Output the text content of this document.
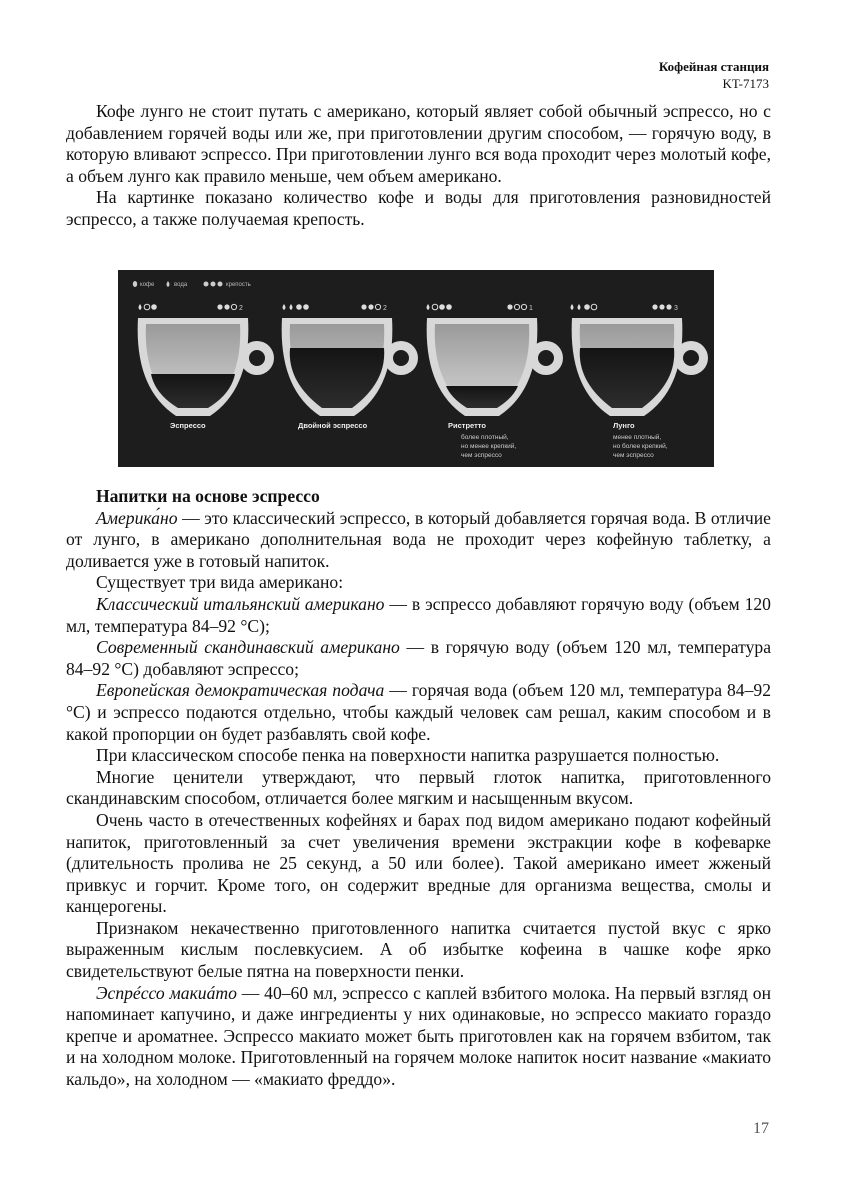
Кофейная станция
KT-7173

Кофе лунго не стоит путать с американо, который являет собой обычный эспрессо, но с добавлением горячей воды или же, при приготовлении другим способом, — горячую воду, в которую вливают эспрессо. При приготовлении лунго вся вода проходит через молотый кофе, а объем лунго как правило меньше, чем объем американо.

На картинке показано количество кофе и воды для приготовления разновидностей эспрессо, а также получаемая крепость.

кофе	вода	крепость
2
Эспрессо
2
Двойной эспрессо
1
Ристретто
более плотный, но менее крепкий, чем эспрессо
3
Лунго
менее плотный, но более крепкий, чем эспрессо
Напитки на основе эспрессо

Америка́но — это классический эспрессо, в который добавляется горячая вода. В отличие от лунго, в американо дополнительная вода не проходит через кофейную таблетку, а доливается уже в готовый напиток.

Существует три вида американо:

Классический итальянский американо — в эспрессо добавляют горячую воду (объем 120 мл, температура 84–92 °C);

Современный скандинавский американо — в горячую воду (объем 120 мл, температура 84–92 °C) добавляют эспрессо;

Европейская демократическая подача — горячая вода (объем 120 мл, температура 84–92 °C) и эспрессо подаются отдельно, чтобы каждый человек сам решал, каким способом и в какой пропорции он будет разбавлять свой кофе.

При классическом способе пенка на поверхности напитка разрушается полностью.

Многие ценители утверждают, что первый глоток напитка, приготовленного скандинавским способом, отличается более мягким и насыщенным вкусом.

Очень часто в отечественных кофейнях и барах под видом американо подают кофейный напиток, приготовленный за счет увеличения времени экстракции кофе в кофеварке (длительность пролива не 25 секунд, а 50 или более). Такой американо имеет жженый привкус и горчит. Кроме того, он содержит вредные для организма вещества, смолы и канцерогены.

Признаком некачественно приготовленного напитка считается пустой вкус с ярко выраженным кислым послевкусием. А об избытке кофеина в чашке кофе ярко свидетельствуют белые пятна на поверхности пенки.

Эспрéссо макиáто — 40–60 мл, эспрессо с каплей взбитого молока. На первый взгляд он напоминает капучино, и даже ингредиенты у них одинаковые, но эспрессо макиато гораздо крепче и ароматнее. Эспрессо макиато может быть приготовлен как на горячем взбитом, так и на холодном молоке. Приготовленный на горячем молоке напиток носит название «макиато кальдо», на холодном — «макиато фреддо».

17
